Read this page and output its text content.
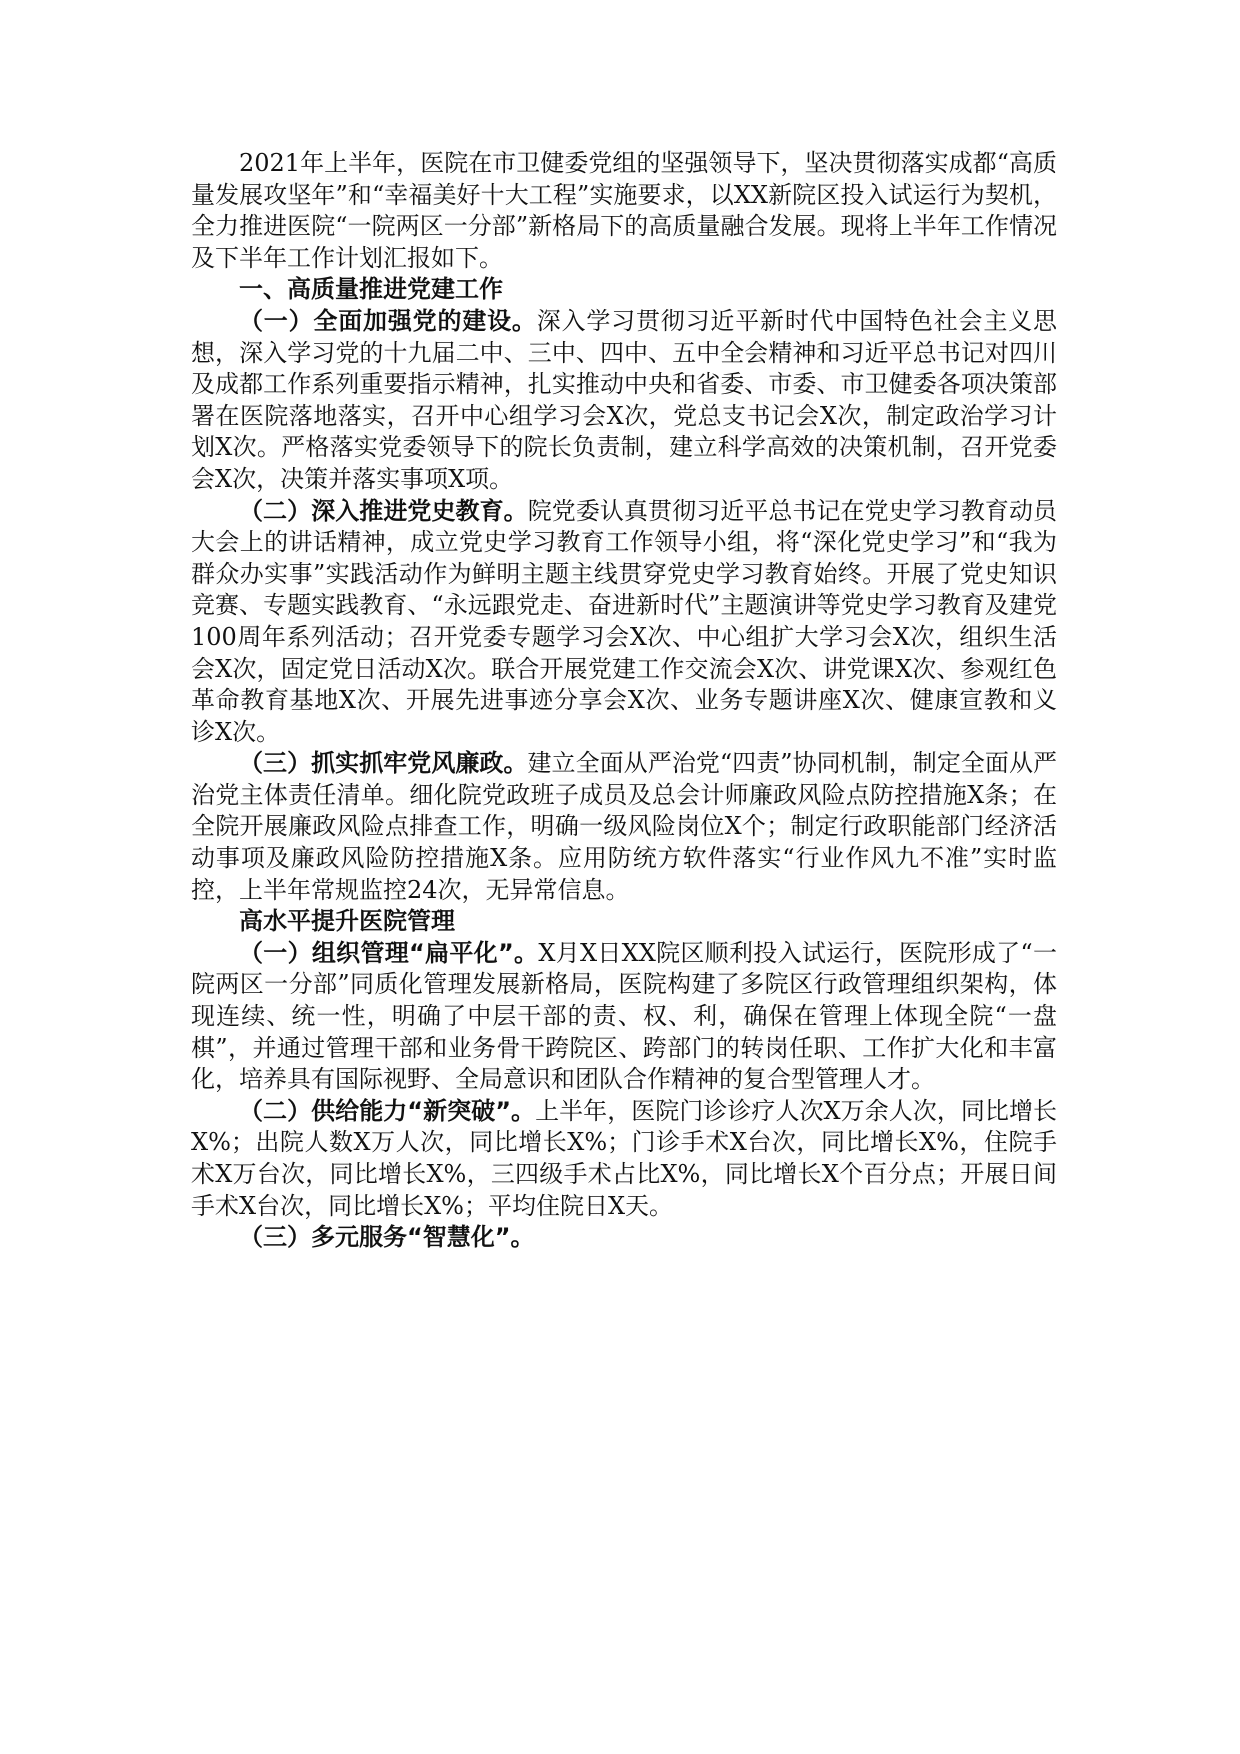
2021年上半年，医院在市卫健委党组的坚强领导下，坚决贯彻落实成都“高质量发展攻坚年”和“幸福美好十大工程”实施要求，以XX新院区投入试运行为契机，全力推进医院“一院两区一分部”新格局下的高质量融合发展。现将上半年工作情况及下半年工作计划汇报如下。

一、高质量推进党建工作

（一）全面加强党的建设。深入学习贯彻习近平新时代中国特色社会主义思想，深入学习党的十九届二中、三中、四中、五中全会精神和习近平总书记对四川及成都工作系列重要指示精神，扎实推动中央和省委、市委、市卫健委各项决策部署在医院落地落实，召开中心组学习会X次，党总支书记会X次，制定政治学习计划X次。严格落实党委领导下的院长负责制，建立科学高效的决策机制，召开党委会X次，决策并落实事项X项。

（二）深入推进党史教育。院党委认真贯彻习近平总书记在党史学习教育动员大会上的讲话精神，成立党史学习教育工作领导小组，将“深化党史学习”和“我为群众办实事”实践活动作为鲜明主题主线贯穿党史学习教育始终。开展了党史知识竞赛、专题实践教育、“永远跟党走、奋进新时代”主题演讲等党史学习教育及建党100周年系列活动；召开党委专题学习会X次、中心组扩大学习会X次，组织生活会X次，固定党日活动X次。联合开展党建工作交流会X次、讲党课X次、参观红色革命教育基地X次、开展先进事迹分享会X次、业务专题讲座X次、健康宣教和义诊X次。

（三）抓实抓牢党风廉政。建立全面从严治党“四责”协同机制，制定全面从严治党主体责任清单。细化院党政班子成员及总会计师廉政风险点防控措施X条；在全院开展廉政风险点排查工作，明确一级风险岗位X个；制定行政职能部门经济活动事项及廉政风险防控措施X条。应用防统方软件落实“行业作风九不准”实时监控，上半年常规监控24次，无异常信息。

高水平提升医院管理

（一）组织管理“扁平化”。X月X日XX院区顺利投入试运行，医院形成了“一院两区一分部”同质化管理发展新格局，医院构建了多院区行政管理组织架构，体现连续、统一性，明确了中层干部的责、权、利，确保在管理上体现全院“一盘棋”，并通过管理干部和业务骨干跨院区、跨部门的转岗任职、工作扩大化和丰富化，培养具有国际视野、全局意识和团队合作精神的复合型管理人才。

（二）供给能力“新突破”。上半年，医院门诊诊疗人次X万余人次，同比增长X%；出院人数X万人次，同比增长X%；门诊手术X台次，同比增长X%，住院手术X万台次，同比增长X%，三四级手术占比X%，同比增长X个百分点；开展日间手术X台次，同比增长X%；平均住院日X天。

（三）多元服务“智慧化”。
